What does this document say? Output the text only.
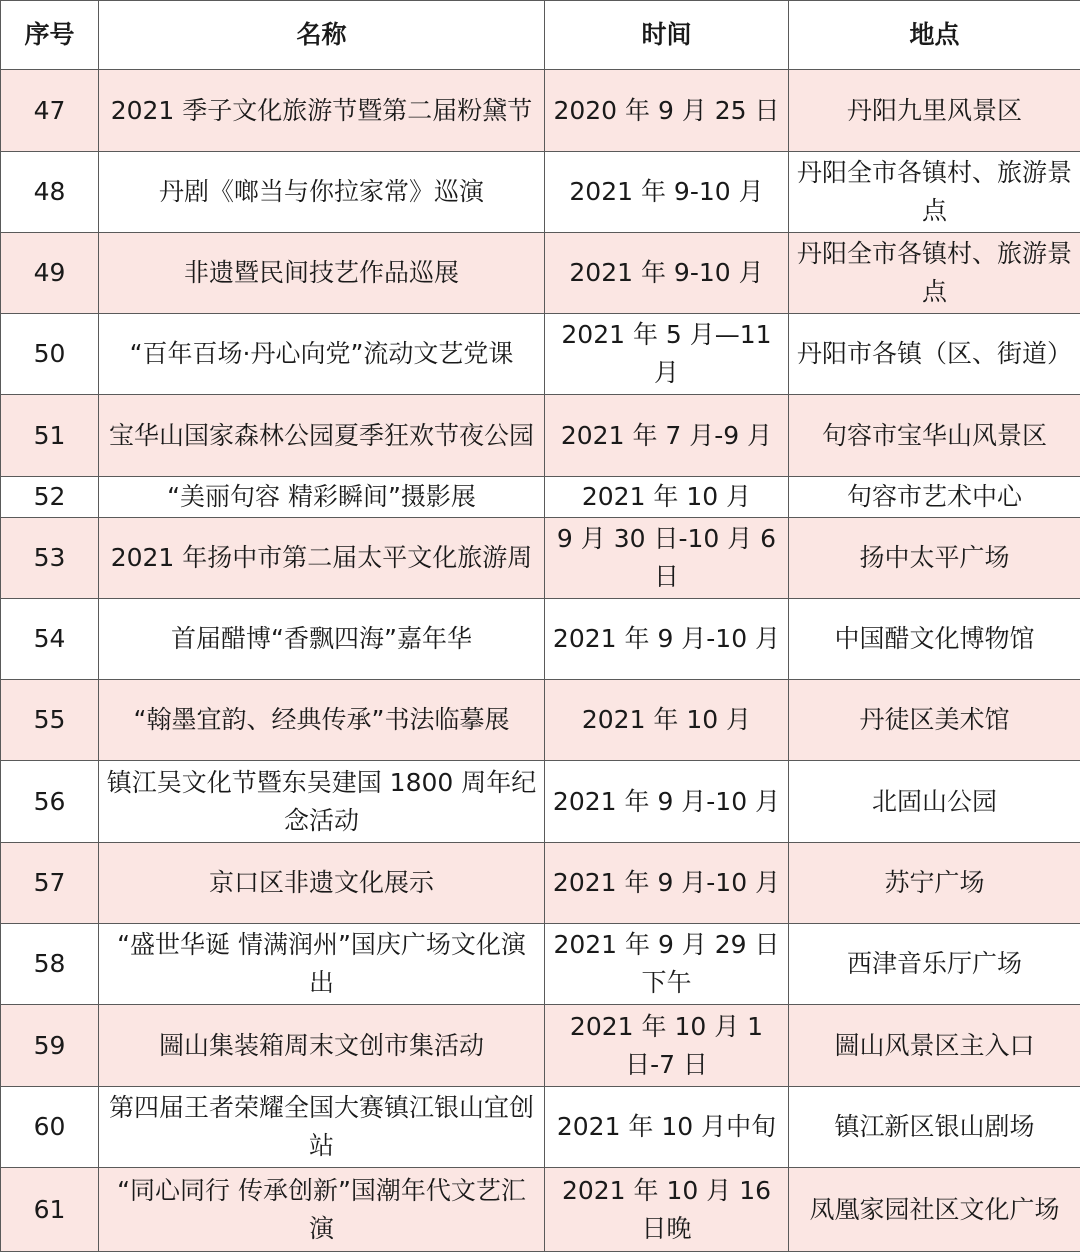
序号	名称	时间	地点
47	2021 季子文化旅游节暨第二届粉黛节	2020 年 9 月 25 日	丹阳九里风景区
48	丹剧《啷当与你拉家常》巡演	2021 年 9-10 月	丹阳全市各镇村、旅游景点
49	非遗暨民间技艺作品巡展	2021 年 9-10 月	丹阳全市各镇村、旅游景点
50	“百年百场·丹心向党”流动文艺党课	2021 年 5 月—11 月	丹阳市各镇（区、街道）
51	宝华山国家森林公园夏季狂欢节夜公园	2021 年 7 月-9 月	句容市宝华山风景区
52	“美丽句容 精彩瞬间”摄影展	2021 年 10 月	句容市艺术中心
53	2021 年扬中市第二届太平文化旅游周	9 月 30 日-10 月 6 日	扬中太平广场
54	首届醋博“香飘四海”嘉年华	2021 年 9 月-10 月	中国醋文化博物馆
55	“翰墨宜韵、经典传承”书法临摹展	2021 年 10 月	丹徒区美术馆
56	镇江吴文化节暨东吴建国 1800 周年纪念活动	2021 年 9 月-10 月	北固山公园
57	京口区非遗文化展示	2021 年 9 月-10 月	苏宁广场
58	“盛世华诞 情满润州”国庆广场文化演出	2021 年 9 月 29 日下午	西津音乐厅广场
59	圌山集装箱周末文创市集活动	2021 年 10 月 1 日-7 日	圌山风景区主入口
60	第四届王者荣耀全国大赛镇江银山宜创站	2021 年 10 月中旬	镇江新区银山剧场
61	“同心同行 传承创新”国潮年代文艺汇演	2021 年 10 月 16 日晚	凤凰家园社区文化广场
